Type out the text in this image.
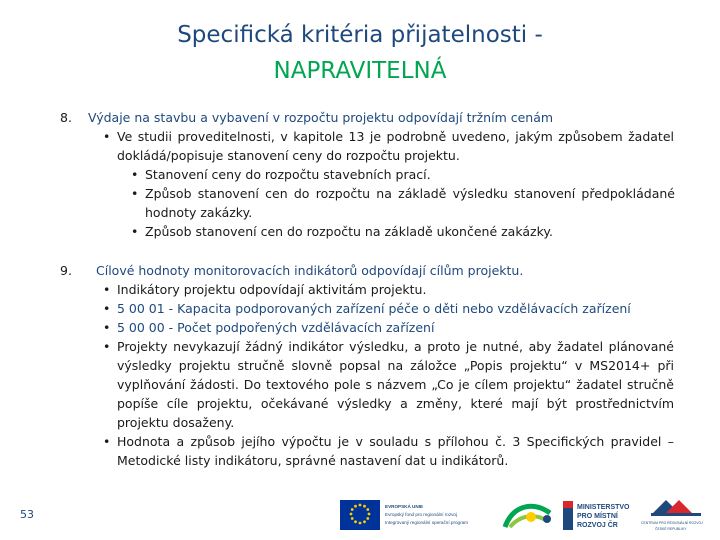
Specifická kritéria přijatelnosti -
NAPRAVITELNÁ
8. Výdaje na stavbu a vybavení v rozpočtu projektu odpovídají tržním cenám
• Ve studii proveditelnosti, v kapitole 13 je podrobně uvedeno, jakým způsobem žadatel dokládá/popisuje stanovení ceny do rozpočtu projektu.
• Stanovení ceny do rozpočtu stavebních prací.
• Způsob stanovení cen do rozpočtu na základě výsledku stanovení předpokládané hodnoty zakázky.
• Způsob stanovení cen do rozpočtu na základě ukončené zakázky.
9. Cílové hodnoty monitorovacích indikátorů odpovídají cílům projektu.
• Indikátory projektu odpovídají aktivitám projektu.
• 5 00 01 - Kapacita podporovaných zařízení péče o děti nebo vzdělávacích zařízení
• 5 00 00 - Počet podpořených vzdělávacích zařízení
• Projekty nevykazují žádný indikátor výsledku, a proto je nutné, aby žadatel plánované výsledky projektu stručně slovně popsal na záložce „Popis projektu“ v MS2014+ při vyplňování žádosti. Do textového pole s názvem „Co je cílem projektu“ žadatel stručně popíše cíle projektu, očekávané výsledky a změny, které mají být prostřednictvím projektu dosaženy.
• Hodnota a způsob jejího výpočtu je v souladu s přílohou č. 3 Specifických pravidel – Metodické listy indikátoru, správné nastavení dat u indikátorů.
53
EVROPSKÁ UNIE
Evropský fond pro regionální rozvoj
Integrovaný regionální operační program
MINISTERSTVO
PRO MÍSTNÍ
ROZVOJ ČR	CENTRUM PRO REGIONÁLNÍ ROZVOJ
ČESKÉ REPUBLIKY
